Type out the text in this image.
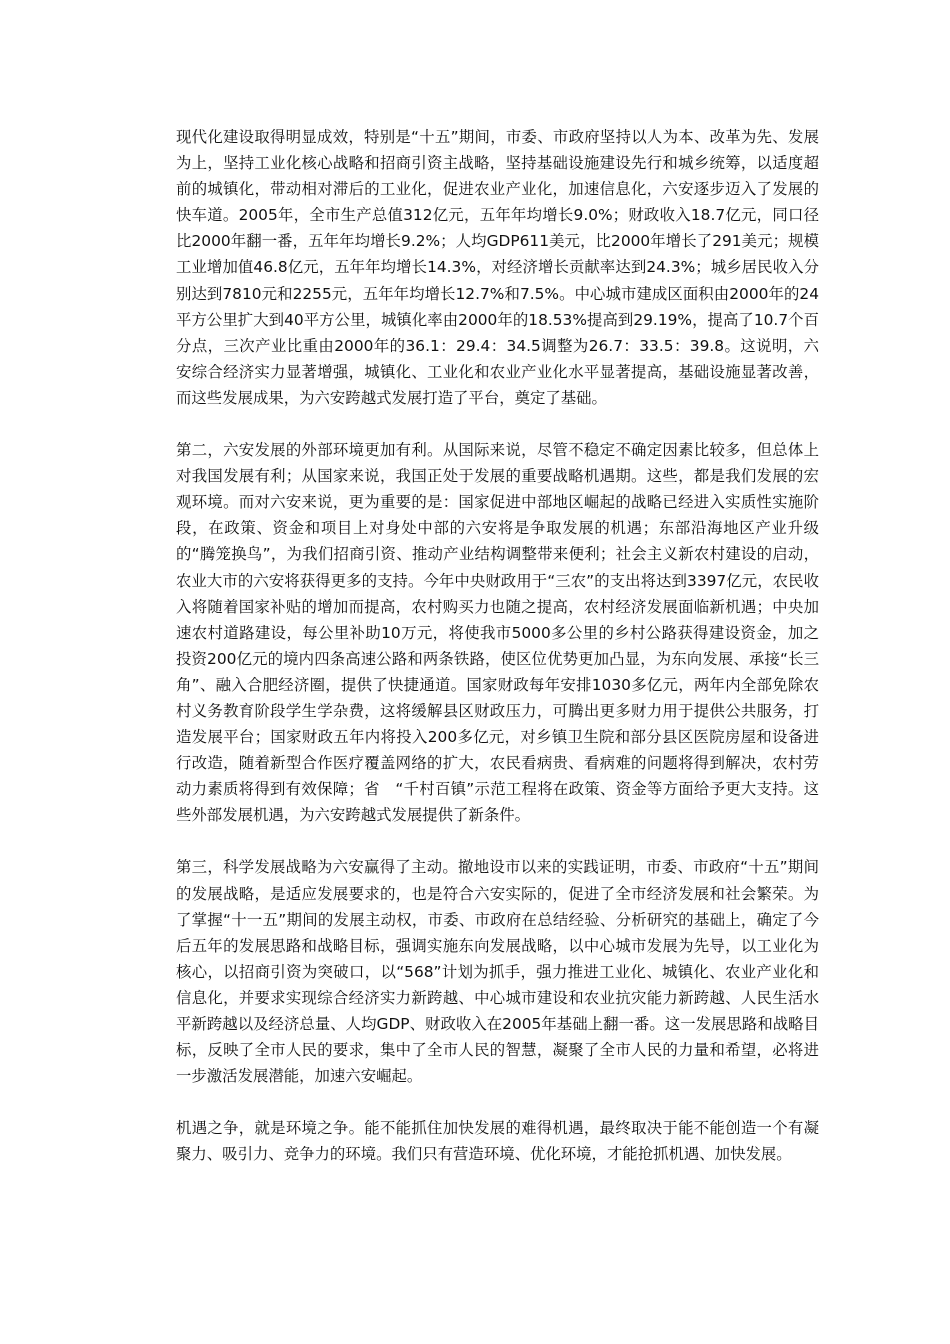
现代化建设取得明显成效，特别是“十五”期间，市委、市政府坚持以人为本、改革为先、发展为上，坚持工业化核心战略和招商引资主战略，坚持基础设施建设先行和城乡统筹，以适度超前的城镇化，带动相对滞后的工业化，促进农业产业化，加速信息化，六安逐步迈入了发展的快车道。2005年，全市生产总值312亿元，五年年均增长9.0%；财政收入18.7亿元，同口径比2000年翻一番，五年年均增长9.2%；人均GDP611美元，比2000年增长了291美元；规模工业增加值46.8亿元，五年年均增长14.3%，对经济增长贡献率达到24.3%；城乡居民收入分别达到7810元和2255元，五年年均增长12.7%和7.5%。中心城市建成区面积由2000年的24平方公里扩大到40平方公里，城镇化率由2000年的18.53%提高到29.19%，提高了10.7个百分点，三次产业比重由2000年的36.1：29.4：34.5调整为26.7：33.5：39.8。这说明，六安综合经济实力显著增强，城镇化、工业化和农业产业化水平显著提高，基础设施显著改善，而这些发展成果，为六安跨越式发展打造了平台，奠定了基础。

第二，六安发展的外部环境更加有利。从国际来说，尽管不稳定不确定因素比较多，但总体上对我国发展有利；从国家来说，我国正处于发展的重要战略机遇期。这些，都是我们发展的宏观环境。而对六安来说，更为重要的是：国家促进中部地区崛起的战略已经进入实质性实施阶段，在政策、资金和项目上对身处中部的六安将是争取发展的机遇；东部沿海地区产业升级的“腾笼换鸟”，为我们招商引资、推动产业结构调整带来便利；社会主义新农村建设的启动，农业大市的六安将获得更多的支持。今年中央财政用于“三农”的支出将达到3397亿元，农民收入将随着国家补贴的增加而提高，农村购买力也随之提高，农村经济发展面临新机遇；中央加速农村道路建设，每公里补助10万元，将使我市5000多公里的乡村公路获得建设资金，加之投资200亿元的境内四条高速公路和两条铁路，使区位优势更加凸显，为东向发展、承接“长三角”、融入合肥经济圈，提供了快捷通道。国家财政每年安排1030多亿元，两年内全部免除农村义务教育阶段学生学杂费，这将缓解县区财政压力，可腾出更多财力用于提供公共服务，打造发展平台；国家财政五年内将投入200多亿元，对乡镇卫生院和部分县区医院房屋和设备进行改造，随着新型合作医疗覆盖网络的扩大，农民看病贵、看病难的问题将得到解决，农村劳动力素质将得到有效保障；省　“千村百镇”示范工程将在政策、资金等方面给予更大支持。这些外部发展机遇，为六安跨越式发展提供了新条件。

第三，科学发展战略为六安赢得了主动。撤地设市以来的实践证明，市委、市政府“十五”期间的发展战略，是适应发展要求的，也是符合六安实际的，促进了全市经济发展和社会繁荣。为了掌握“十一五”期间的发展主动权，市委、市政府在总结经验、分析研究的基础上，确定了今后五年的发展思路和战略目标，强调实施东向发展战略，以中心城市发展为先导，以工业化为核心，以招商引资为突破口，以“568”计划为抓手，强力推进工业化、城镇化、农业产业化和信息化，并要求实现综合经济实力新跨越、中心城市建设和农业抗灾能力新跨越、人民生活水平新跨越以及经济总量、人均GDP、财政收入在2005年基础上翻一番。这一发展思路和战略目标，反映了全市人民的要求，集中了全市人民的智慧，凝聚了全市人民的力量和希望，必将进一步激活发展潜能，加速六安崛起。

机遇之争，就是环境之争。能不能抓住加快发展的难得机遇，最终取决于能不能创造一个有凝聚力、吸引力、竞争力的环境。我们只有营造环境、优化环境，才能抢抓机遇、加快发展。
